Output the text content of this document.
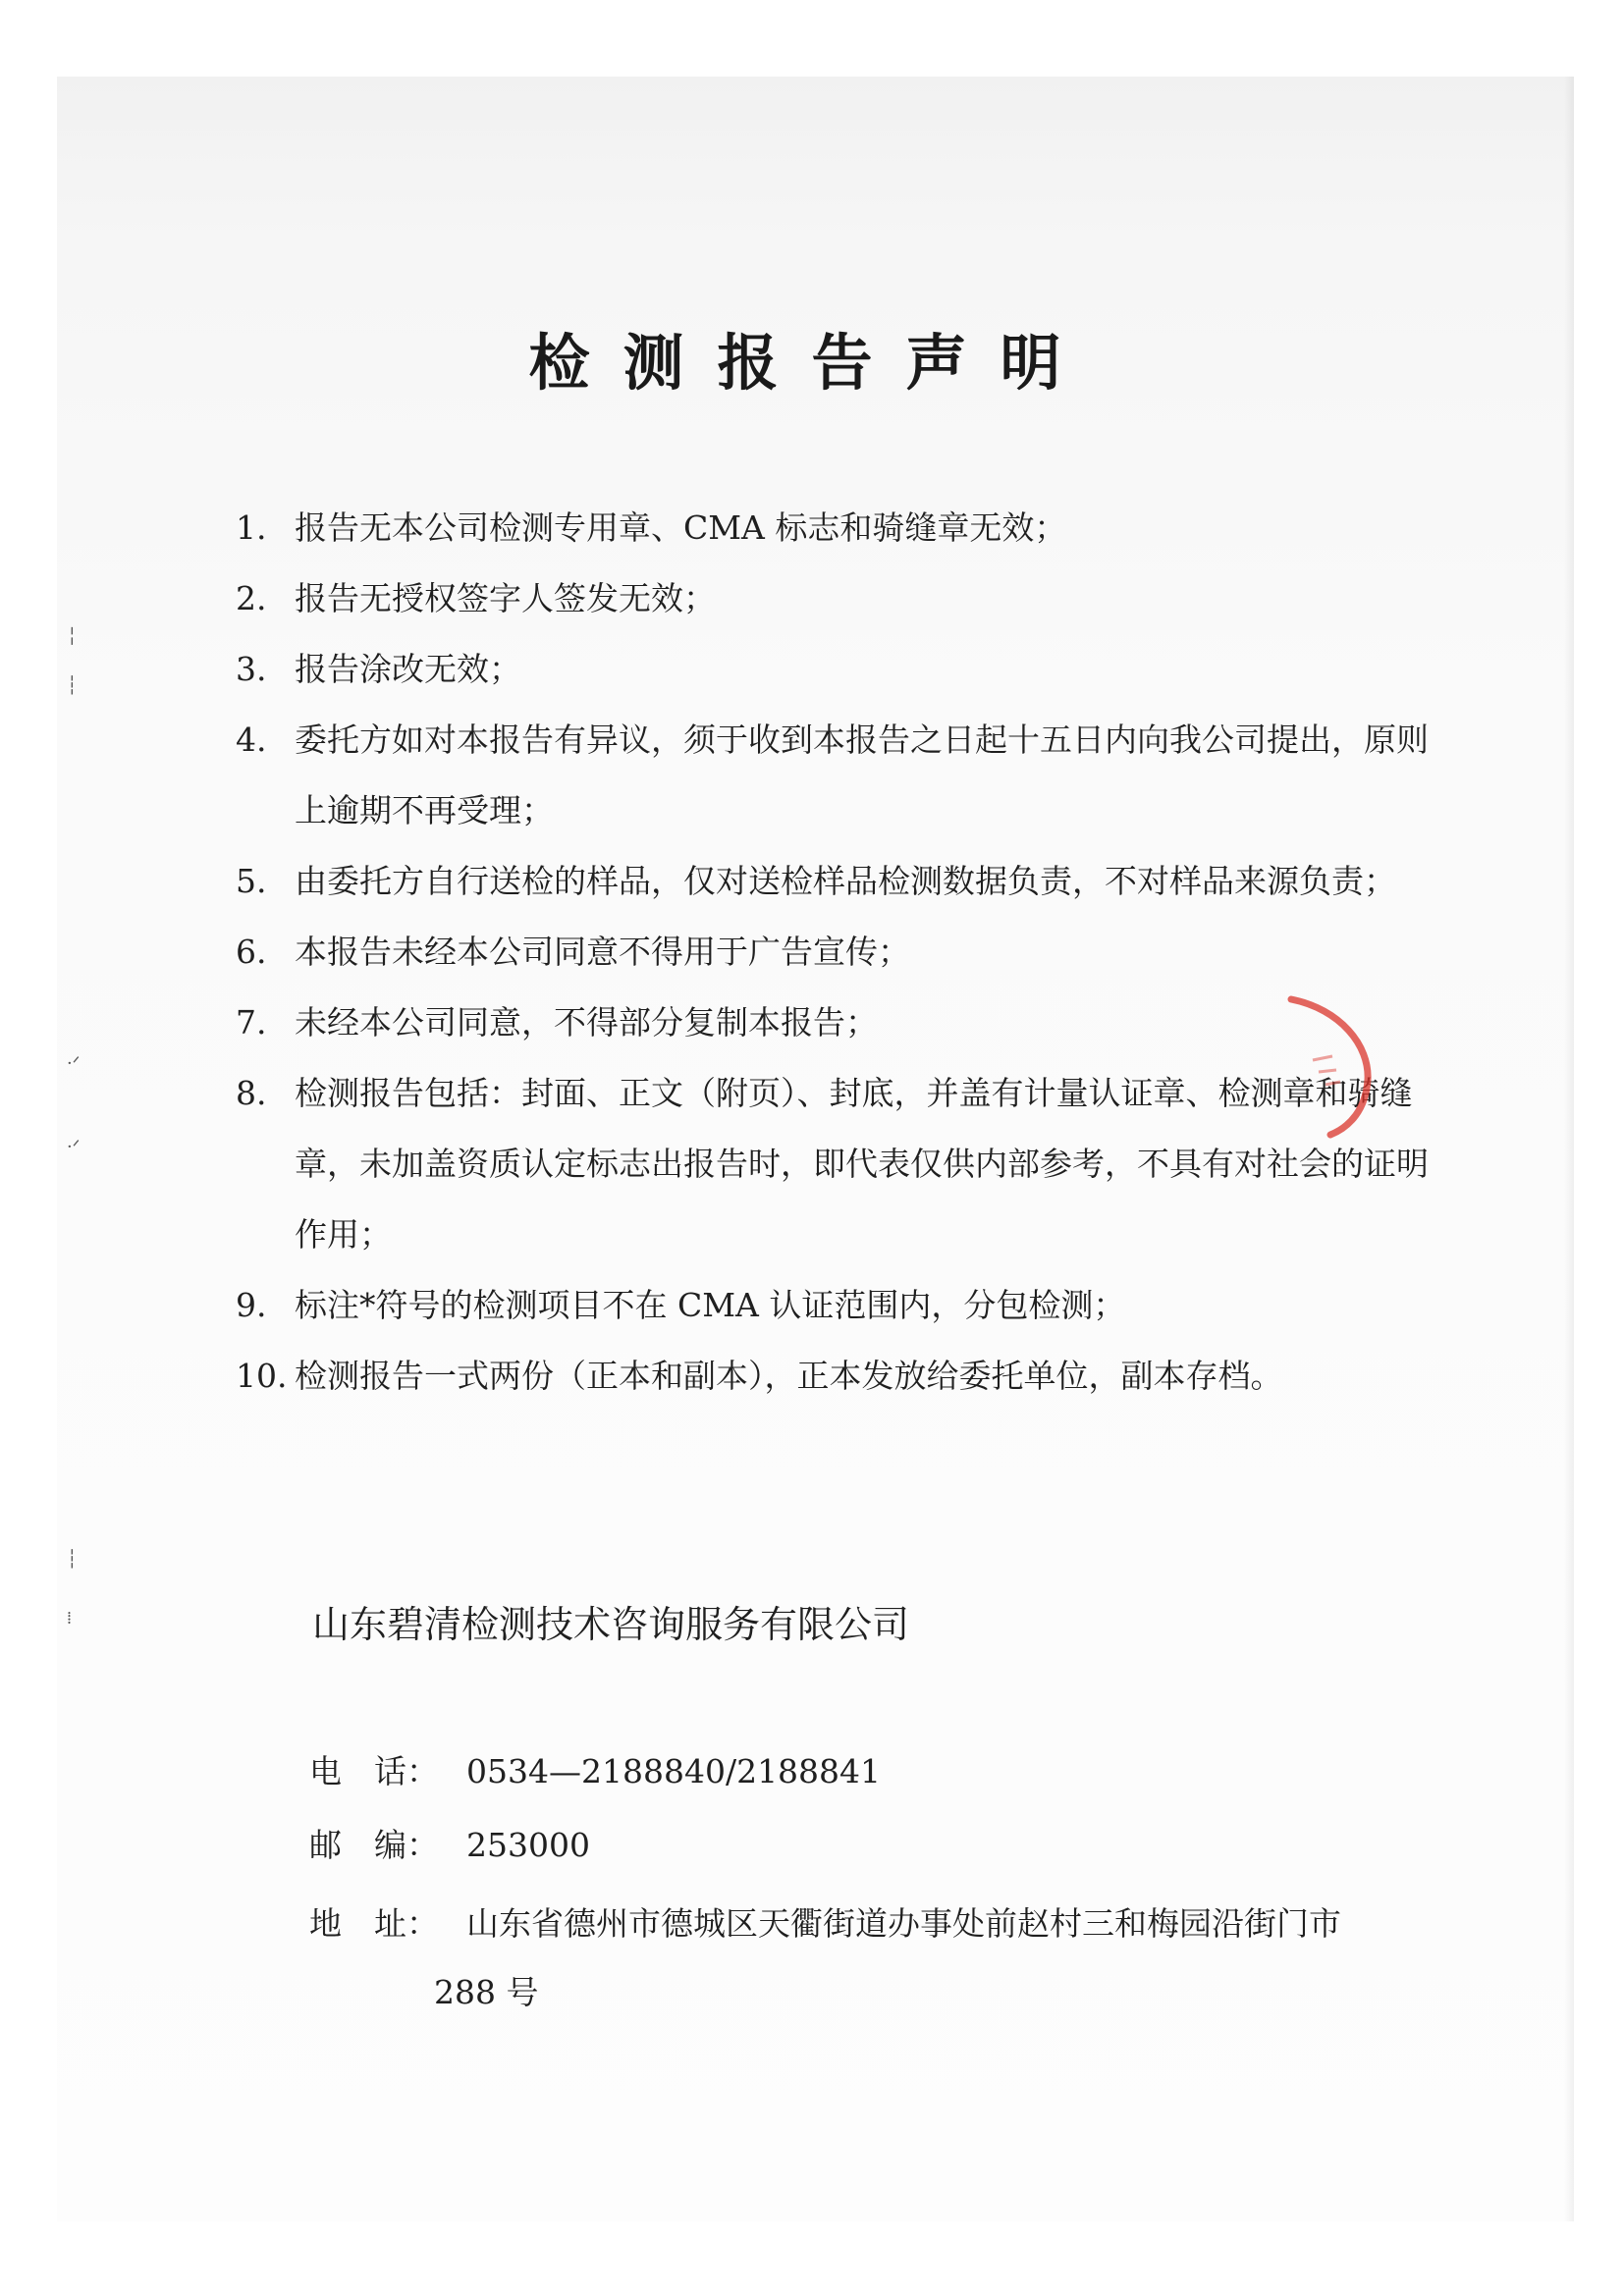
检测报告声明
1. 报告无本公司检测专用章、CMA 标志和骑缝章无效；
2. 报告无授权签字人签发无效；
3. 报告涂改无效；
4. 委托方如对本报告有异议，须于收到本报告之日起十五日内向我公司提出，原则上逾期不再受理；
5. 由委托方自行送检的样品，仅对送检样品检测数据负责，不对样品来源负责；
6. 本报告未经本公司同意不得用于广告宣传；
7. 未经本公司同意，不得部分复制本报告；
8. 检测报告包括：封面、正文（附页）、封底，并盖有计量认证章、检测章和骑缝章，未加盖资质认定标志出报告时，即代表仅供内部参考，不具有对社会的证明作用；
9. 标注*符号的检测项目不在 CMA 认证范围内，分包检测；
10. 检测报告一式两份（正本和副本），正本发放给委托单位，副本存档。
山东碧清检测技术咨询服务有限公司
电　话： 0534—2188840/2188841
邮　编： 253000
地　址： 山东省德州市德城区天衢街道办事处前赵村三和梅园沿街门市
288 号
╎
┆
·ᐟ
·ᐟ
┆
⁞
